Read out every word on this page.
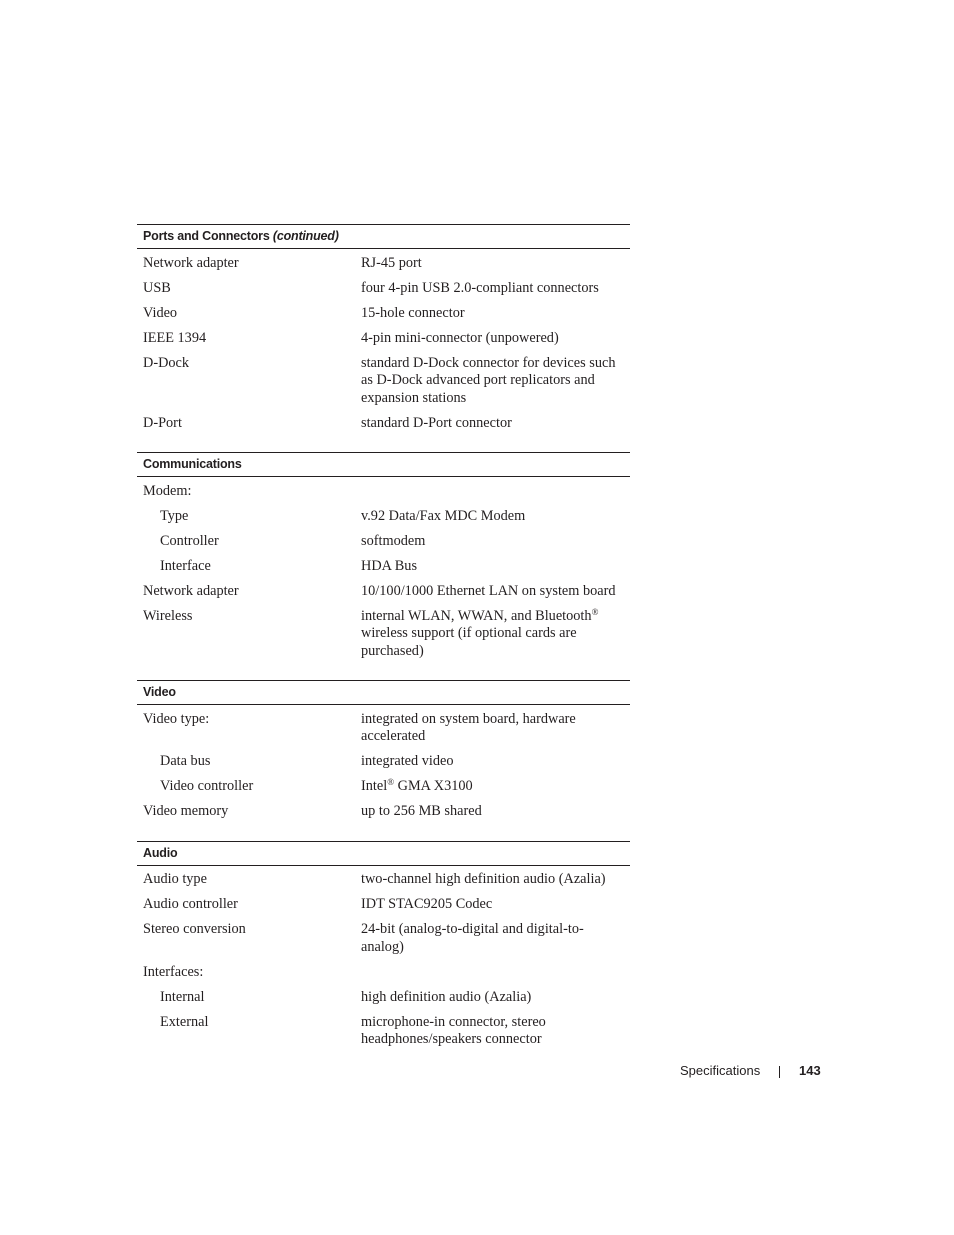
Ports and Connectors (continued)
Network adapter	RJ-45 port
USB	four 4-pin USB 2.0-compliant connectors
Video	15-hole connector
IEEE 1394	4-pin mini-connector (unpowered)
D-Dock	standard D-Dock connector for devices such as D-Dock advanced port replicators and expansion stations
D-Port	standard D-Port connector
Communications
Modem:
Type	v.92 Data/Fax MDC Modem
Controller	softmodem
Interface	HDA Bus
Network adapter	10/100/1000 Ethernet LAN on system board
Wireless	internal WLAN, WWAN, and Bluetooth® wireless support (if optional cards are purchased)
Video
Video type:	integrated on system board, hardware accelerated
Data bus	integrated video
Video controller	Intel® GMA X3100
Video memory	up to 256 MB shared
Audio
Audio type	two-channel high definition audio (Azalia)
Audio controller	IDT STAC9205 Codec
Stereo conversion	24-bit (analog-to-digital and digital-to-analog)
Interfaces:
Internal	high definition audio (Azalia)
External	microphone-in connector, stereo headphones/speakers connector
Specifications	143
